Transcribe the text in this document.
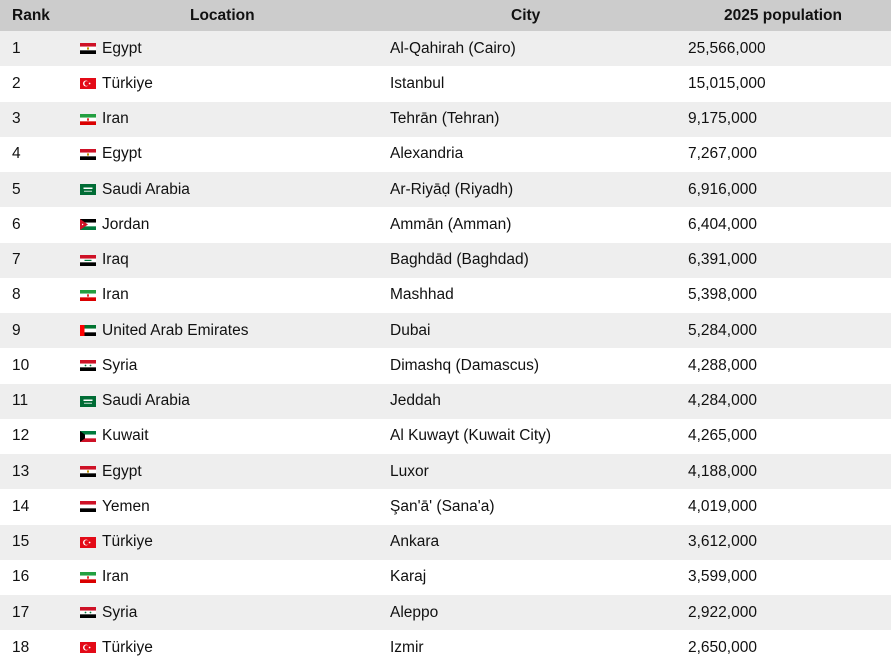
Rank	Location	City	2025 population
1	Egypt	Al-Qahirah (Cairo)	25,566,000
2	Türkiye	Istanbul	15,015,000
3	Iran	Tehrān (Tehran)	9,175,000
4	Egypt	Alexandria	7,267,000
5	Saudi Arabia	Ar-Riyāḍ (Riyadh)	6,916,000
6	Jordan	Ammān (Amman)	6,404,000
7	Iraq	Baghdād (Baghdad)	6,391,000
8	Iran	Mashhad	5,398,000
9	United Arab Emirates	Dubai	5,284,000
10	Syria	Dimashq (Damascus)	4,288,000
11	Saudi Arabia	Jeddah	4,284,000
12	Kuwait	Al Kuwayt (Kuwait City)	4,265,000
13	Egypt	Luxor	4,188,000
14	Yemen	Şan'ā' (Sana'a)	4,019,000
15	Türkiye	Ankara	3,612,000
16	Iran	Karaj	3,599,000
17	Syria	Aleppo	2,922,000
18	Türkiye	Izmir	2,650,000
